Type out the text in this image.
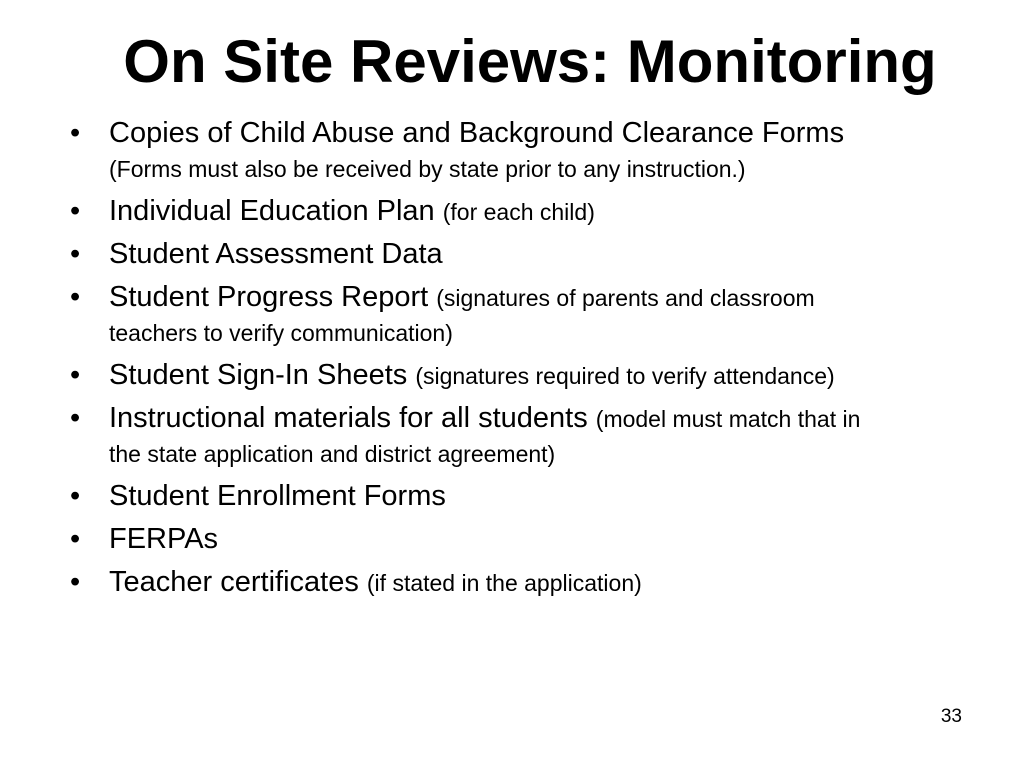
On Site Reviews: Monitoring
• Copies of Child Abuse and Background Clearance Forms (Forms must also be received by state prior to any instruction.)
• Individual Education Plan (for each child)
• Student Assessment Data
• Student Progress Report (signatures of parents and classroom teachers to verify communication)
• Student Sign-In Sheets (signatures required to verify attendance)
• Instructional materials for all students (model must match that in the state application and district agreement)
• Student Enrollment Forms
• FERPAs
• Teacher certificates (if stated in the application)
33
